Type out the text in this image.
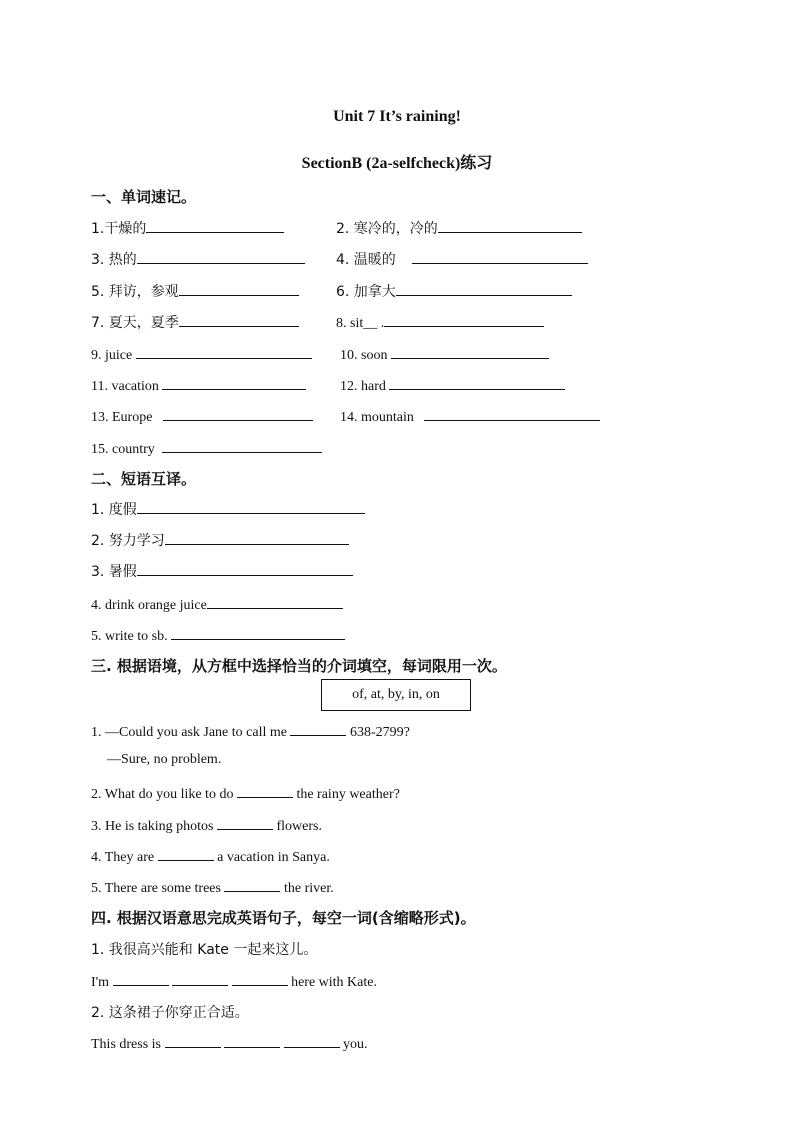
Unit 7 It’s raining!
SectionB (2a-selfcheck)练习
一、单词速记。
1.干燥的	2. 寒冷的，冷的
3. 热的	4. 温暖的
5. 拜访，参观	6. 加拿大
7. 夏天，夏季	8. sit__ .
9. juice	10. soon
11. vacation	12. hard
13. Europe	14. mountain
15. country
二、短语互译。
1. 度假
2. 努力学习
3. 暑假
4. drink orange juice
5. write to sb.
三. 根据语境，从方框中选择恰当的介词填空，每词限用一次。
of, at, by, in, on
1. —Could you ask Jane to call me	638-2799?
—Sure, no problem.
2. What do you like to do	the rainy weather?
3. He is taking photos	flowers.
4. They are	a vacation in Sanya.
5. There are some trees	the river.
四. 根据汉语意思完成英语句子，每空一词(含缩略形式)。
1. 我很高兴能和 Kate 一起来这儿。
I'm	here with Kate.
2. 这条裙子你穿正合适。
This dress is	you.
